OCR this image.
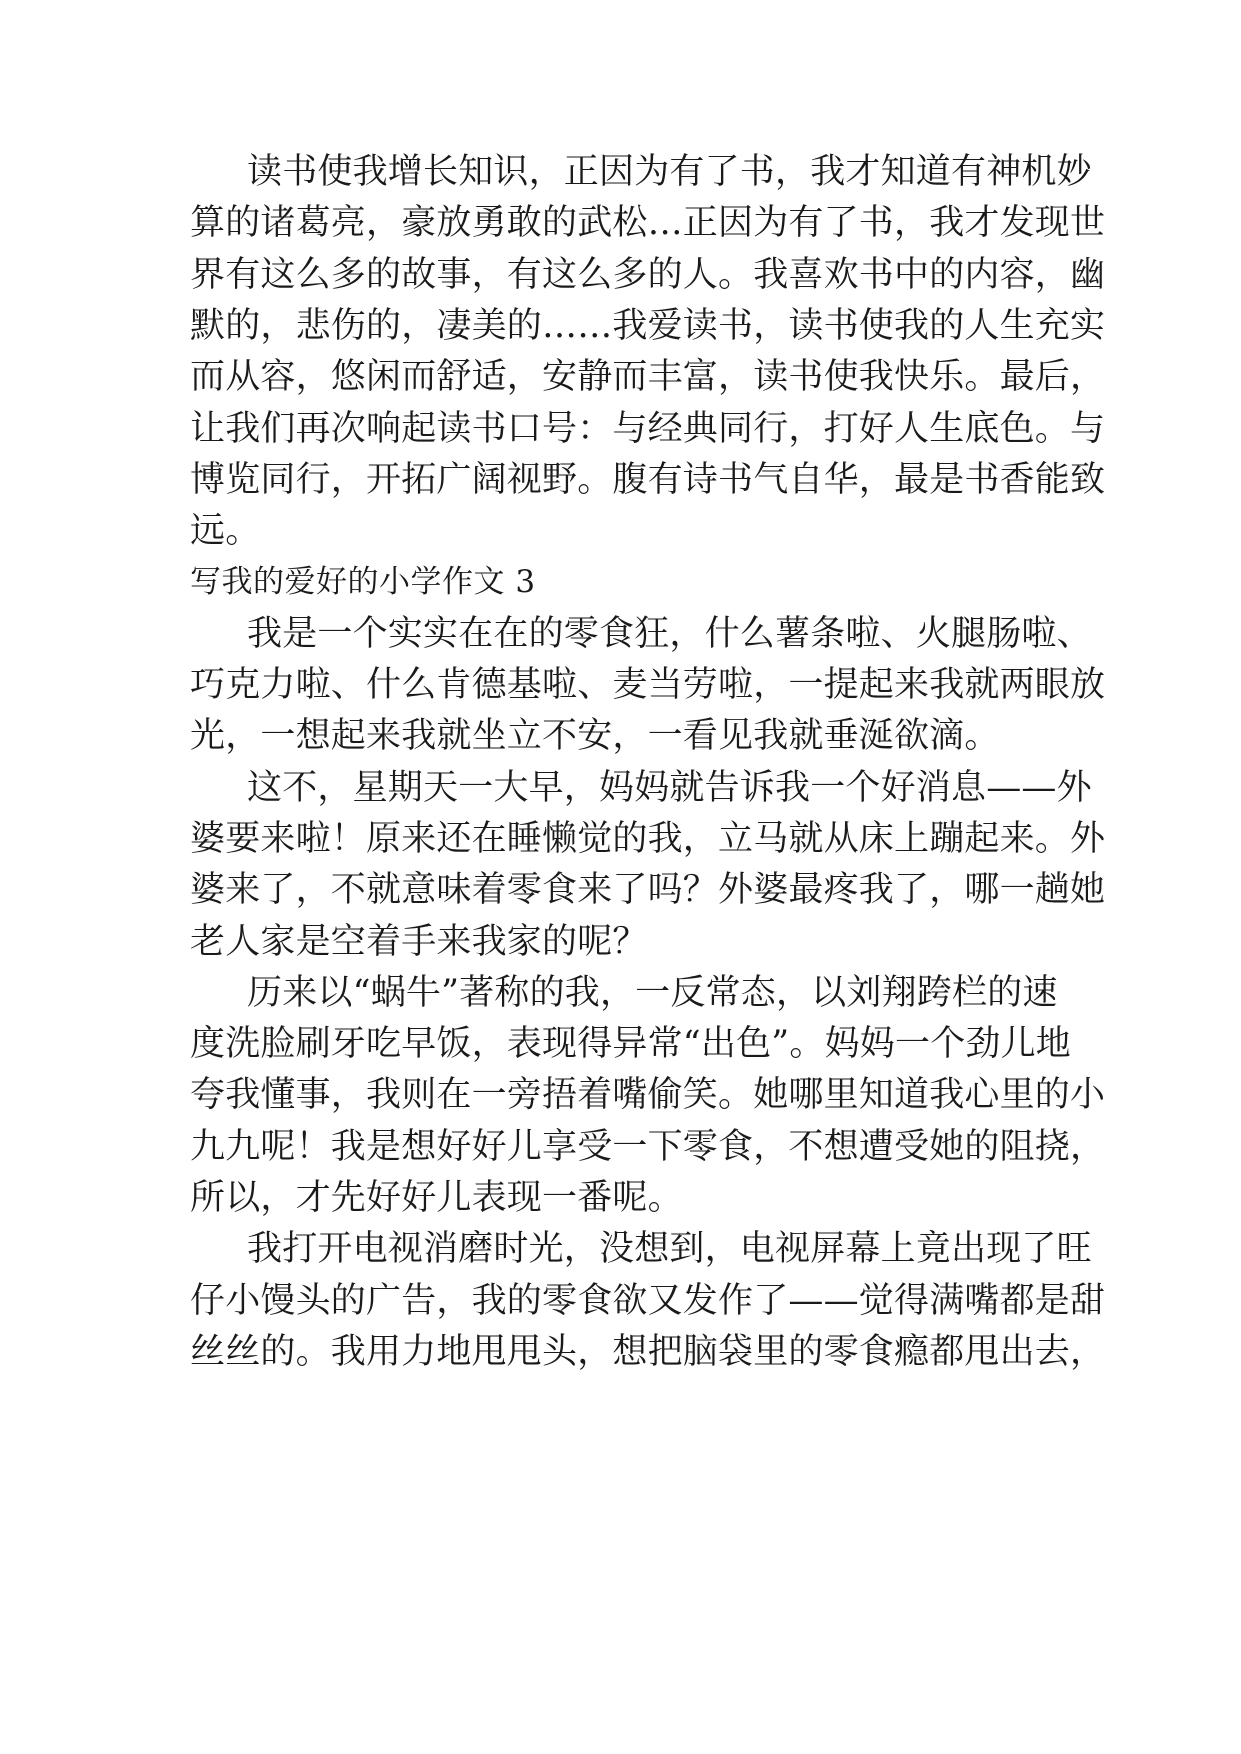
读书使我增长知识，正因为有了书，我才知道有神机妙
算的诸葛亮，豪放勇敢的武松…正因为有了书，我才发现世
界有这么多的故事，有这么多的人。我喜欢书中的内容，幽
默的，悲伤的，凄美的……我爱读书，读书使我的人生充实
而从容，悠闲而舒适，安静而丰富，读书使我快乐。最后，
让我们再次响起读书口号：与经典同行，打好人生底色。与
博览同行，开拓广阔视野。腹有诗书气自华，最是书香能致
远。
写我的爱好的小学作文 3
我是一个实实在在的零食狂，什么薯条啦、火腿肠啦、
巧克力啦、什么肯德基啦、麦当劳啦，一提起来我就两眼放
光，一想起来我就坐立不安，一看见我就垂涎欲滴。
这不，星期天一大早，妈妈就告诉我一个好消息——外
婆要来啦！原来还在睡懒觉的我，立马就从床上蹦起来。外
婆来了，不就意味着零食来了吗？外婆最疼我了，哪一趟她
老人家是空着手来我家的呢？
历来以“蜗牛”著称的我，一反常态，以刘翔跨栏的速
度洗脸刷牙吃早饭，表现得异常“出色”。妈妈一个劲儿地
夸我懂事，我则在一旁捂着嘴偷笑。她哪里知道我心里的小
九九呢！我是想好好儿享受一下零食，不想遭受她的阻挠，
所以，才先好好儿表现一番呢。
我打开电视消磨时光，没想到，电视屏幕上竟出现了旺
仔小馒头的广告，我的零食欲又发作了——觉得满嘴都是甜
丝丝的。我用力地甩甩头，想把脑袋里的零食瘾都甩出去，
